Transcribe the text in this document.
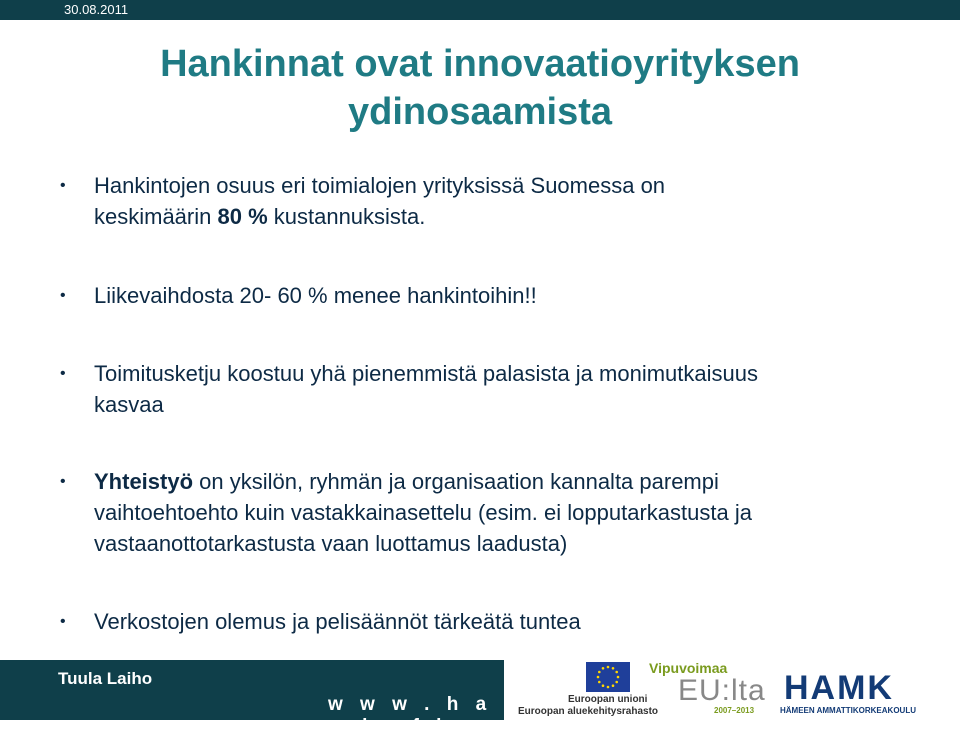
30.08.2011
Hankinnat ovat innovaatioyrityksen
ydinosaamista
•	Hankintojen osuus eri toimialojen yrityksissä Suomessa on
keskimäärin 80 % kustannuksista.
•	Liikevaihdosta 20- 60 % menee hankintoihin!!
•	Toimitusketju koostuu yhä pienemmistä palasista ja monimutkaisuus
kasvaa
•	Yhteistyö on yksilön, ryhmän ja organisaation kannalta parempi
vaihtoehtoehto kuin vastakkainasettelu (esim. ei lopputarkastusta ja
vastaanottotarkastusta vaan luottamus laadusta)
•	Verkostojen olemus ja pelisäännöt tärkeätä tuntea
Tuula Laiho
w w w . h a m k . f i
Euroopan unioni
Euroopan aluekehitysrahasto
Vipuvoimaa
EU:lta
2007–2013
HAMK
HÄMEEN AMMATTIKORKEAKOULU
